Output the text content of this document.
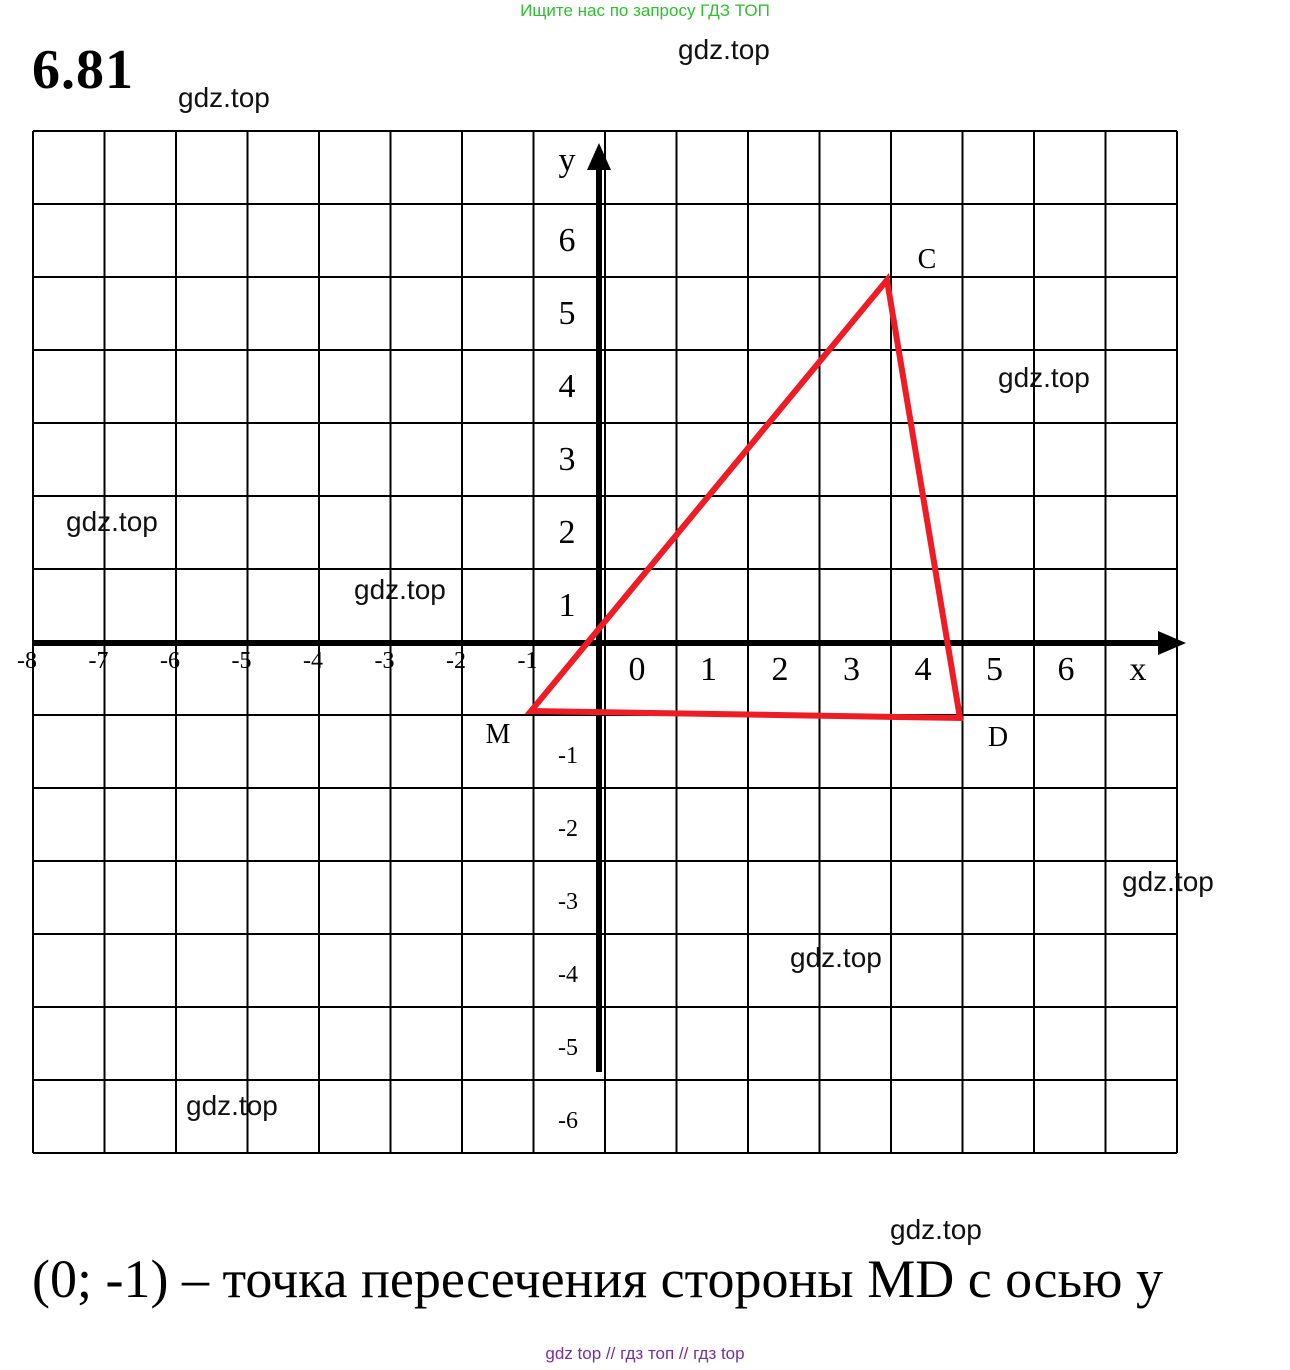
Ищите нас по запросу ГДЗ ТОП
6.81
x
y
-8 -7 -6 -5 -4 -3 -2 -1	0 1 2 3 4 5 6
1
2
3
4
5
6
-1
-2
-3
-4
-5
-6
M
C
D
gdz.top
gdz.top
gdz.top
gdz.top
gdz.top
gdz.top
gdz.top
gdz.top
gdz.top
(0; -1) – точка пересечения стороны MD с осью y
gdz top // гдз топ // гдз top
